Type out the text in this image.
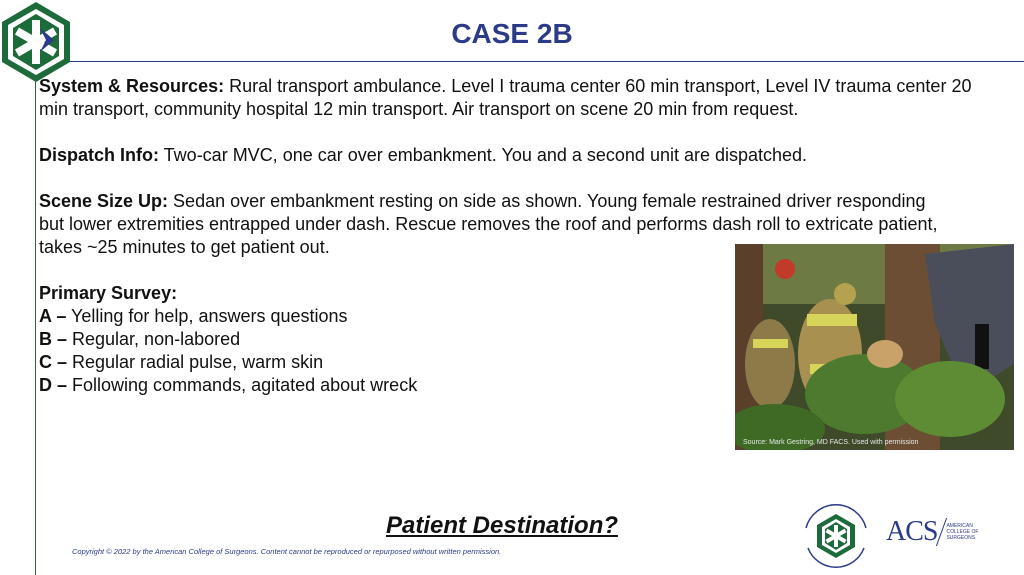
CASE 2B

System & Resources: Rural transport ambulance. Level I trauma center 60 min transport, Level IV trauma center 20 min transport, community hospital 12 min transport. Air transport on scene 20 min from request.

Dispatch Info: Two-car MVC, one car over embankment. You and a second unit are dispatched.

Scene Size Up: Sedan over embankment resting on side as shown. Young female restrained driver responding but lower extremities entrapped under dash. Rescue removes the roof and performs dash roll to extricate patient, takes ~25 minutes to get patient out.

Primary Survey:
A – Yelling for help, answers questions
B – Regular, non-labored
C – Regular radial pulse, warm skin
D – Following commands, agitated about wreck
Source: Mark Gestring, MD FACS. Used with permission
Patient Destination?
Copyright © 2022 by the American College of Surgeons. Content cannot be reproduced or repurposed without written permission.
ACS AMERICAN COLLEGE OF SURGEONS
